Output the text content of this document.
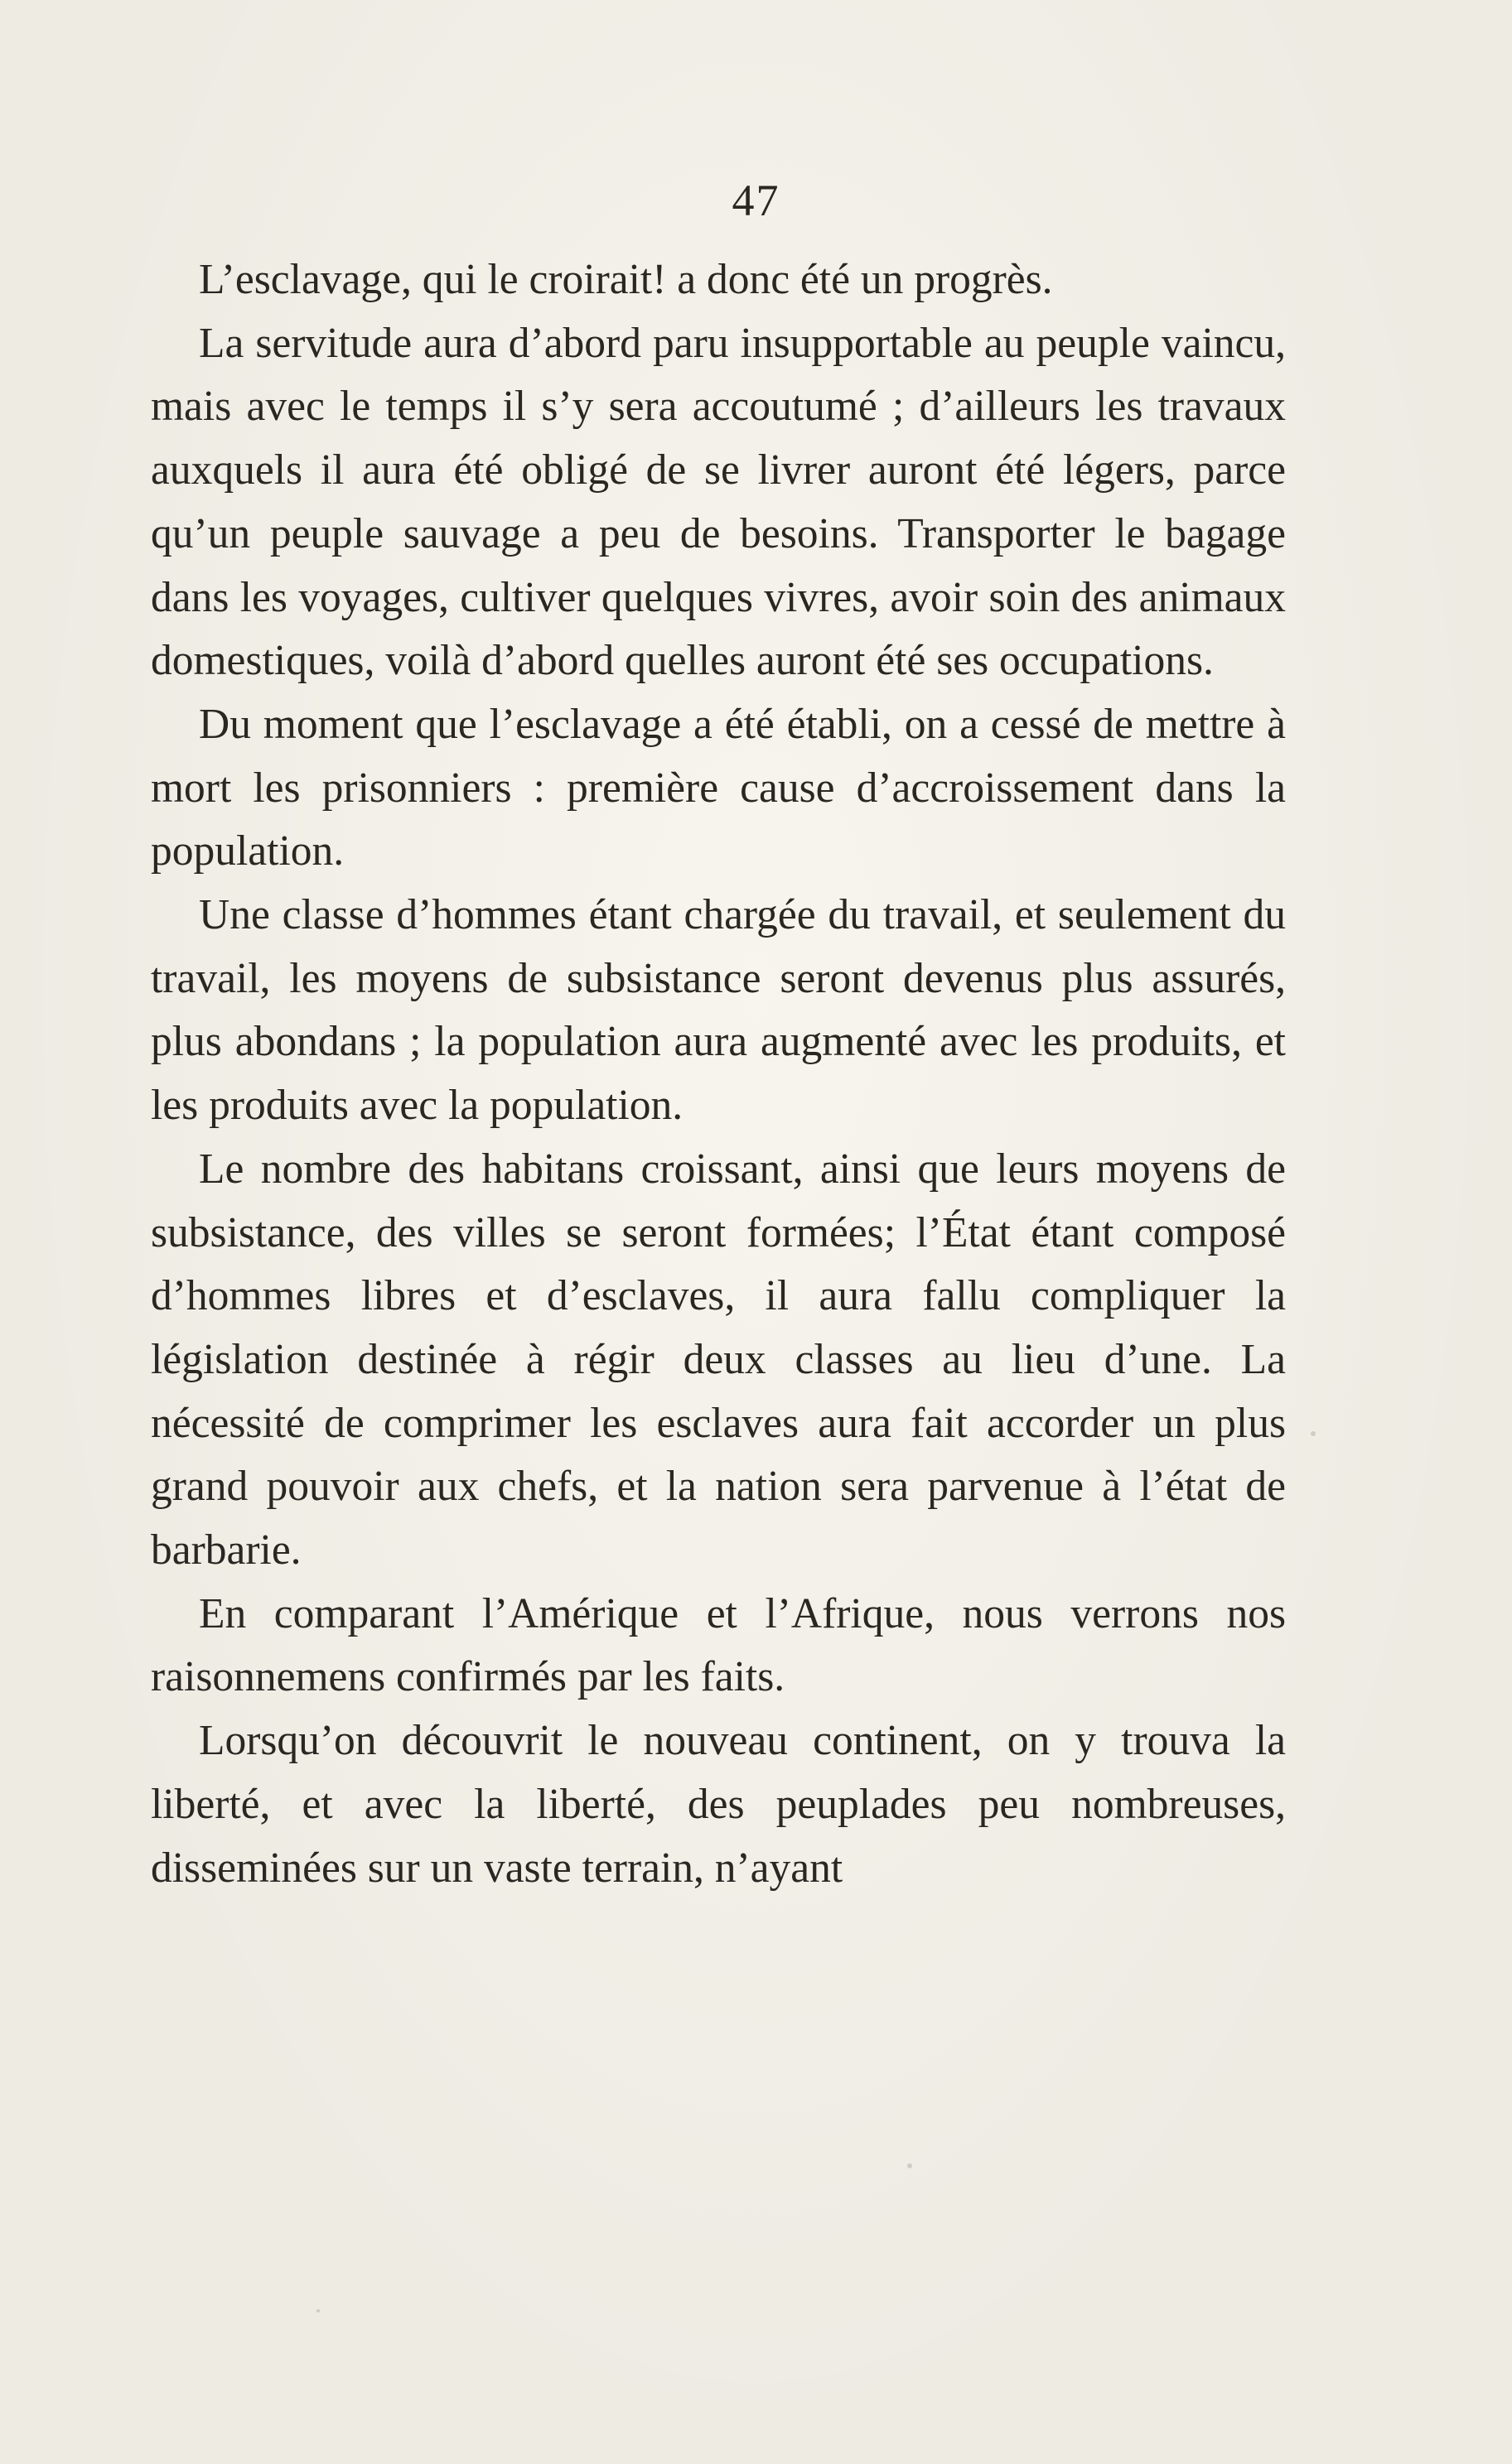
47

L’esclavage, qui le croirait! a donc été un progrès.

La servitude aura d’abord paru insupportable au peuple vaincu, mais avec le temps il s’y sera accoutumé ; d’ailleurs les travaux auxquels il aura été obligé de se livrer auront été légers, parce qu’un peuple sauvage a peu de besoins. Transporter le bagage dans les voyages, cultiver quelques vivres, avoir soin des animaux domestiques, voilà d’abord quelles auront été ses occupations.

Du moment que l’esclavage a été établi, on a cessé de mettre à mort les prisonniers : première cause d’accroissement dans la population.

Une classe d’hommes étant chargée du travail, et seulement du travail, les moyens de subsistance seront devenus plus assurés, plus abondans ; la population aura augmenté avec les produits, et les produits avec la population.

Le nombre des habitans croissant, ainsi que leurs moyens de subsistance, des villes se seront formées; l’État étant composé d’hommes libres et d’esclaves, il aura fallu compliquer la législation destinée à régir deux classes au lieu d’une. La nécessité de comprimer les esclaves aura fait accorder un plus grand pouvoir aux chefs, et la nation sera parvenue à l’état de barbarie.

En comparant l’Amérique et l’Afrique, nous verrons nos raisonnemens confirmés par les faits.

Lorsqu’on découvrit le nouveau continent, on y trouva la liberté, et avec la liberté, des peuplades peu nombreuses, disseminées sur un vaste terrain, n’ayant
